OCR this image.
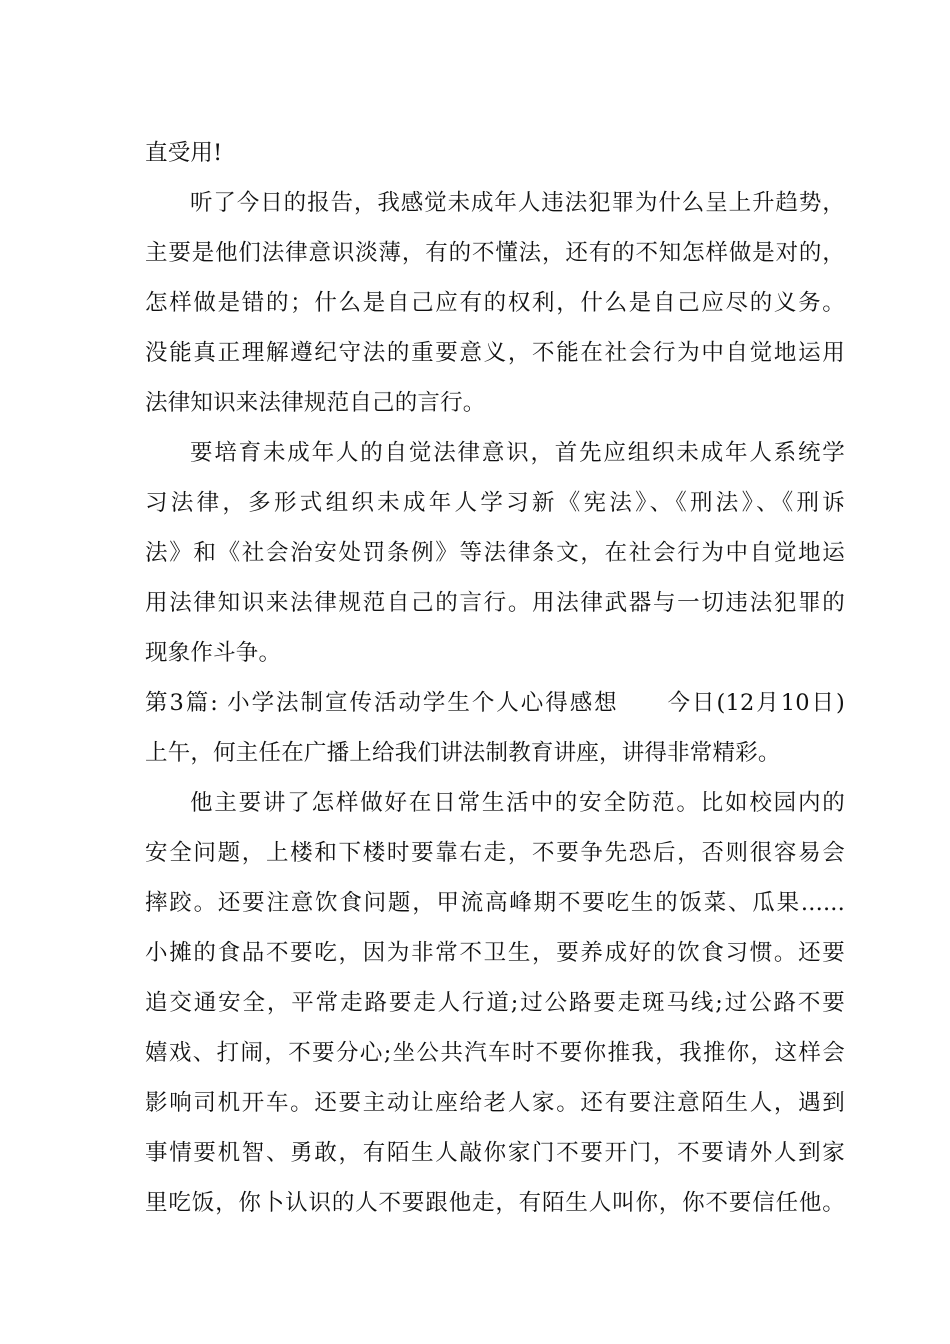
直受用!
听了今日的报告，我感觉未成年人违法犯罪为什么呈上升趋势，
主要是他们法律意识淡薄，有的不懂法，还有的不知怎样做是对的，
怎样做是错的；什么是自己应有的权利，什么是自己应尽的义务。
没能真正理解遵纪守法的重要意义，不能在社会行为中自觉地运用
法律知识来法律规范自己的言行。
要培育未成年人的自觉法律意识，首先应组织未成年人系统学
习法律，多形式组织未成年人学习新《宪法》、《刑法》、《刑诉
法》和《社会治安处罚条例》等法律条文，在社会行为中自觉地运
用法律知识来法律规范自己的言行。用法律武器与一切违法犯罪的
现象作斗争。
第3篇: 小学法制宣传活动学生个人心得感想　　今日(12月10日)
上午，何主任在广播上给我们讲法制教育讲座，讲得非常精彩。
他主要讲了怎样做好在日常生活中的安全防范。比如校园内的
安全问题，上楼和下楼时要靠右走，不要争先恐后，否则很容易会
摔跤。还要注意饮食问题，甲流高峰期不要吃生的饭菜、瓜果......
小摊的食品不要吃，因为非常不卫生，要养成好的饮食习惯。还要
追交通安全，平常走路要走人行道;过公路要走斑马线;过公路不要
嬉戏、打闹，不要分心;坐公共汽车时不要你推我，我推你，这样会
影响司机开车。还要主动让座给老人家。还有要注意陌生人，遇到
事情要机智、勇敢，有陌生人敲你家门不要开门，不要请外人到家
里吃饭，你卜认识的人不要跟他走，有陌生人叫你，你不要信任他。
